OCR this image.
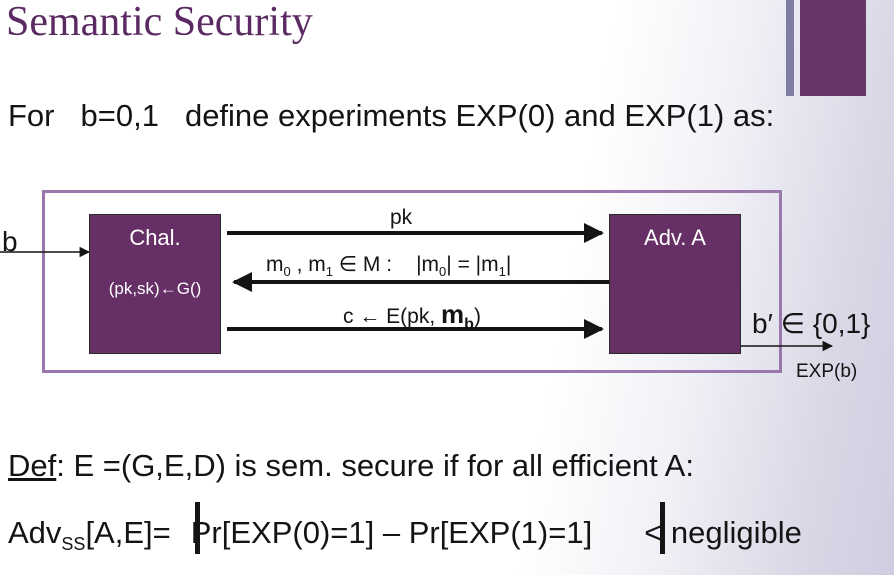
Semantic Security
For b=0,1 define experiments EXP(0) and EXP(1) as:
b	Chal.
(pk,sk)←G()
Adv. A
pk
$m_0$ , $m_1$ ∈ M : $|m_0| = |m_1|$
c ← E(pk, $m_b$)	b′ ∈ {0,1}
EXP(b)
Def: E =(G,E,D) is sem. secure if for all efficient A:
Adv$_{SS}$[A,E]= Pr[EXP(0)=1] – Pr[EXP(1)=1] < negligible
